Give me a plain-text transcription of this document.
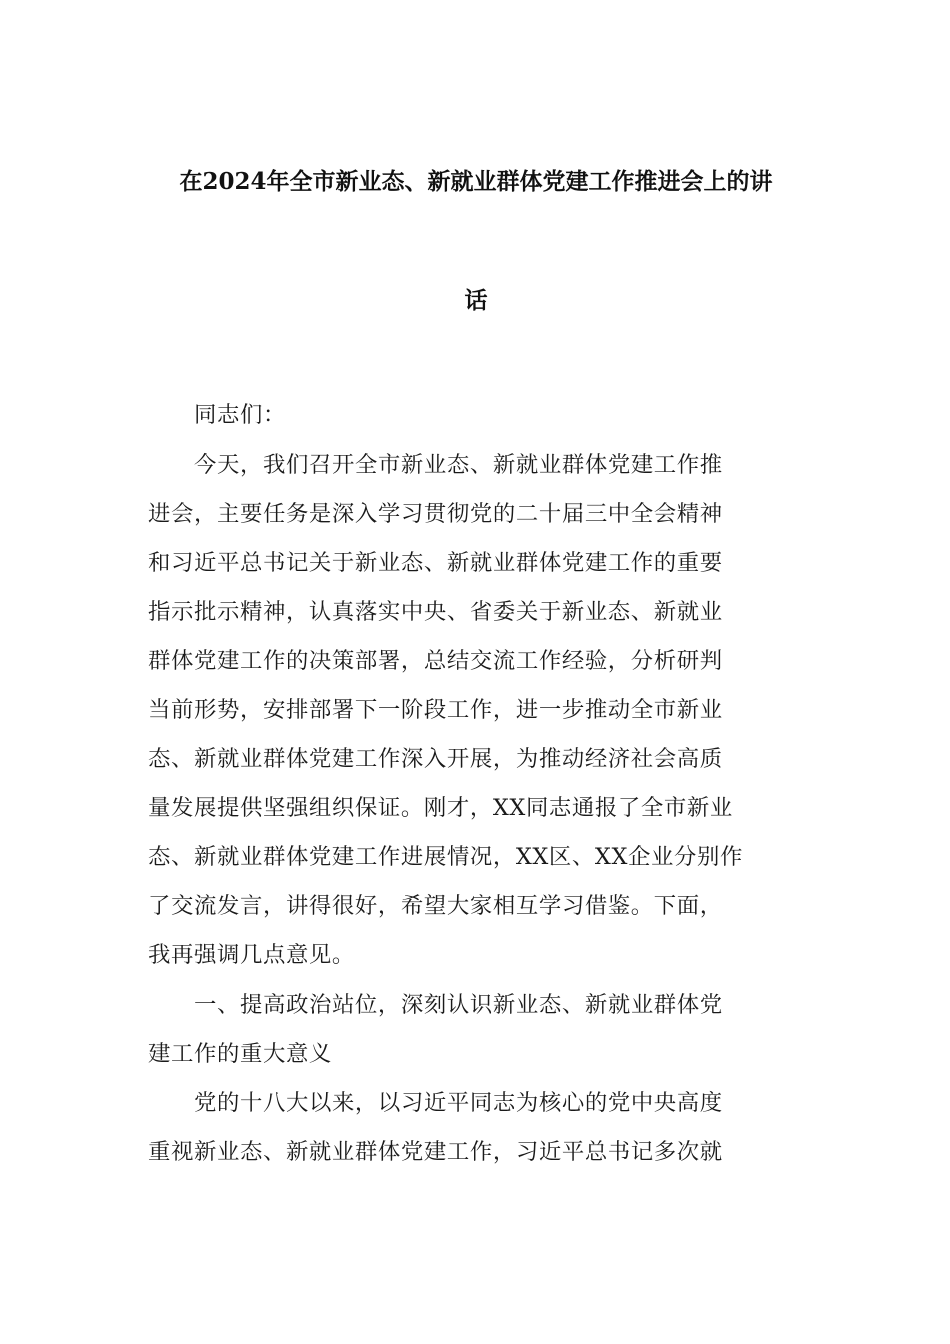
在2024年全市新业态、新就业群体党建工作推进会上的讲
话

同志们：

今天，我们召开全市新业态、新就业群体党建工作推

进会，主要任务是深入学习贯彻党的二十届三中全会精神

和习近平总书记关于新业态、新就业群体党建工作的重要

指示批示精神，认真落实中央、省委关于新业态、新就业

群体党建工作的决策部署，总结交流工作经验，分析研判

当前形势，安排部署下一阶段工作，进一步推动全市新业

态、新就业群体党建工作深入开展，为推动经济社会高质

量发展提供坚强组织保证。刚才，XX同志通报了全市新业

态、新就业群体党建工作进展情况，XX区、XX企业分别作

了交流发言，讲得很好，希望大家相互学习借鉴。下面，

我再强调几点意见。

一、提高政治站位，深刻认识新业态、新就业群体党

建工作的重大意义

党的十八大以来，以习近平同志为核心的党中央高度

重视新业态、新就业群体党建工作，习近平总书记多次就
